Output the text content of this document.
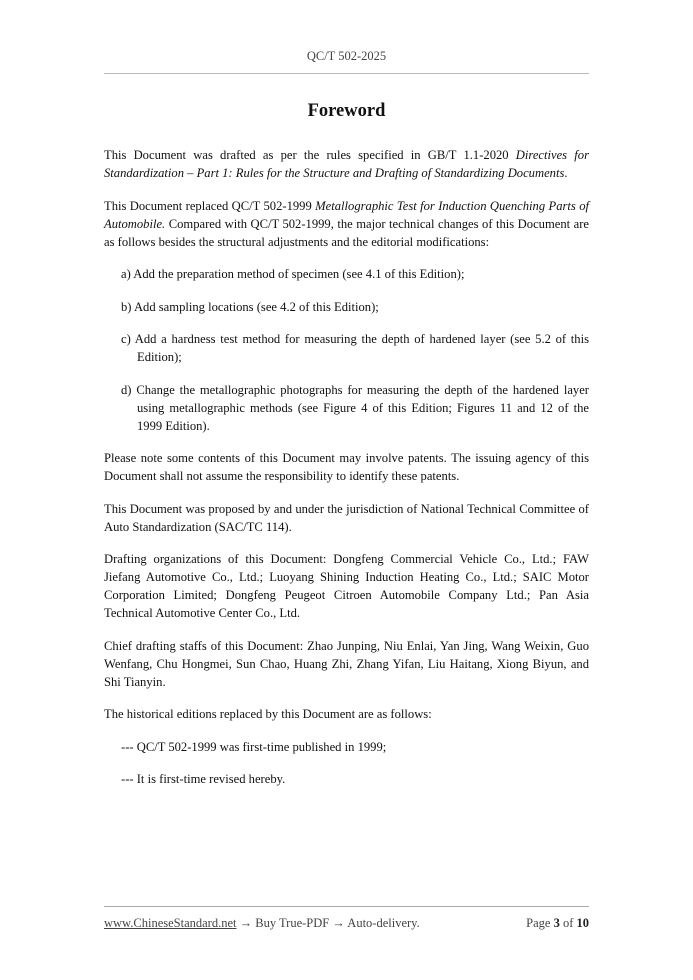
QC/T 502-2025
Foreword

This Document was drafted as per the rules specified in GB/T 1.1-2020 Directives for Standardization – Part 1: Rules for the Structure and Drafting of Standardizing Documents.

This Document replaced QC/T 502-1999 Metallographic Test for Induction Quenching Parts of Automobile. Compared with QC/T 502-1999, the major technical changes of this Document are as follows besides the structural adjustments and the editorial modifications:

a) Add the preparation method of specimen (see 4.1 of this Edition);

b) Add sampling locations (see 4.2 of this Edition);

c) Add a hardness test method for measuring the depth of hardened layer (see 5.2 of this Edition);

d) Change the metallographic photographs for measuring the depth of the hardened layer using metallographic methods (see Figure 4 of this Edition; Figures 11 and 12 of the 1999 Edition).

Please note some contents of this Document may involve patents. The issuing agency of this Document shall not assume the responsibility to identify these patents.

This Document was proposed by and under the jurisdiction of National Technical Committee of Auto Standardization (SAC/TC 114).

Drafting organizations of this Document: Dongfeng Commercial Vehicle Co., Ltd.; FAW Jiefang Automotive Co., Ltd.; Luoyang Shining Induction Heating Co., Ltd.; SAIC Motor Corporation Limited; Dongfeng Peugeot Citroen Automobile Company Ltd.; Pan Asia Technical Automotive Center Co., Ltd.

Chief drafting staffs of this Document: Zhao Junping, Niu Enlai, Yan Jing, Wang Weixin, Guo Wenfang, Chu Hongmei, Sun Chao, Huang Zhi, Zhang Yifan, Liu Haitang, Xiong Biyun, and Shi Tianyin.

The historical editions replaced by this Document are as follows:

--- QC/T 502-1999 was first-time published in 1999;

--- It is first-time revised hereby.

www.ChineseStandard.net → Buy True-PDF → Auto-delivery.	Page 3 of 10
